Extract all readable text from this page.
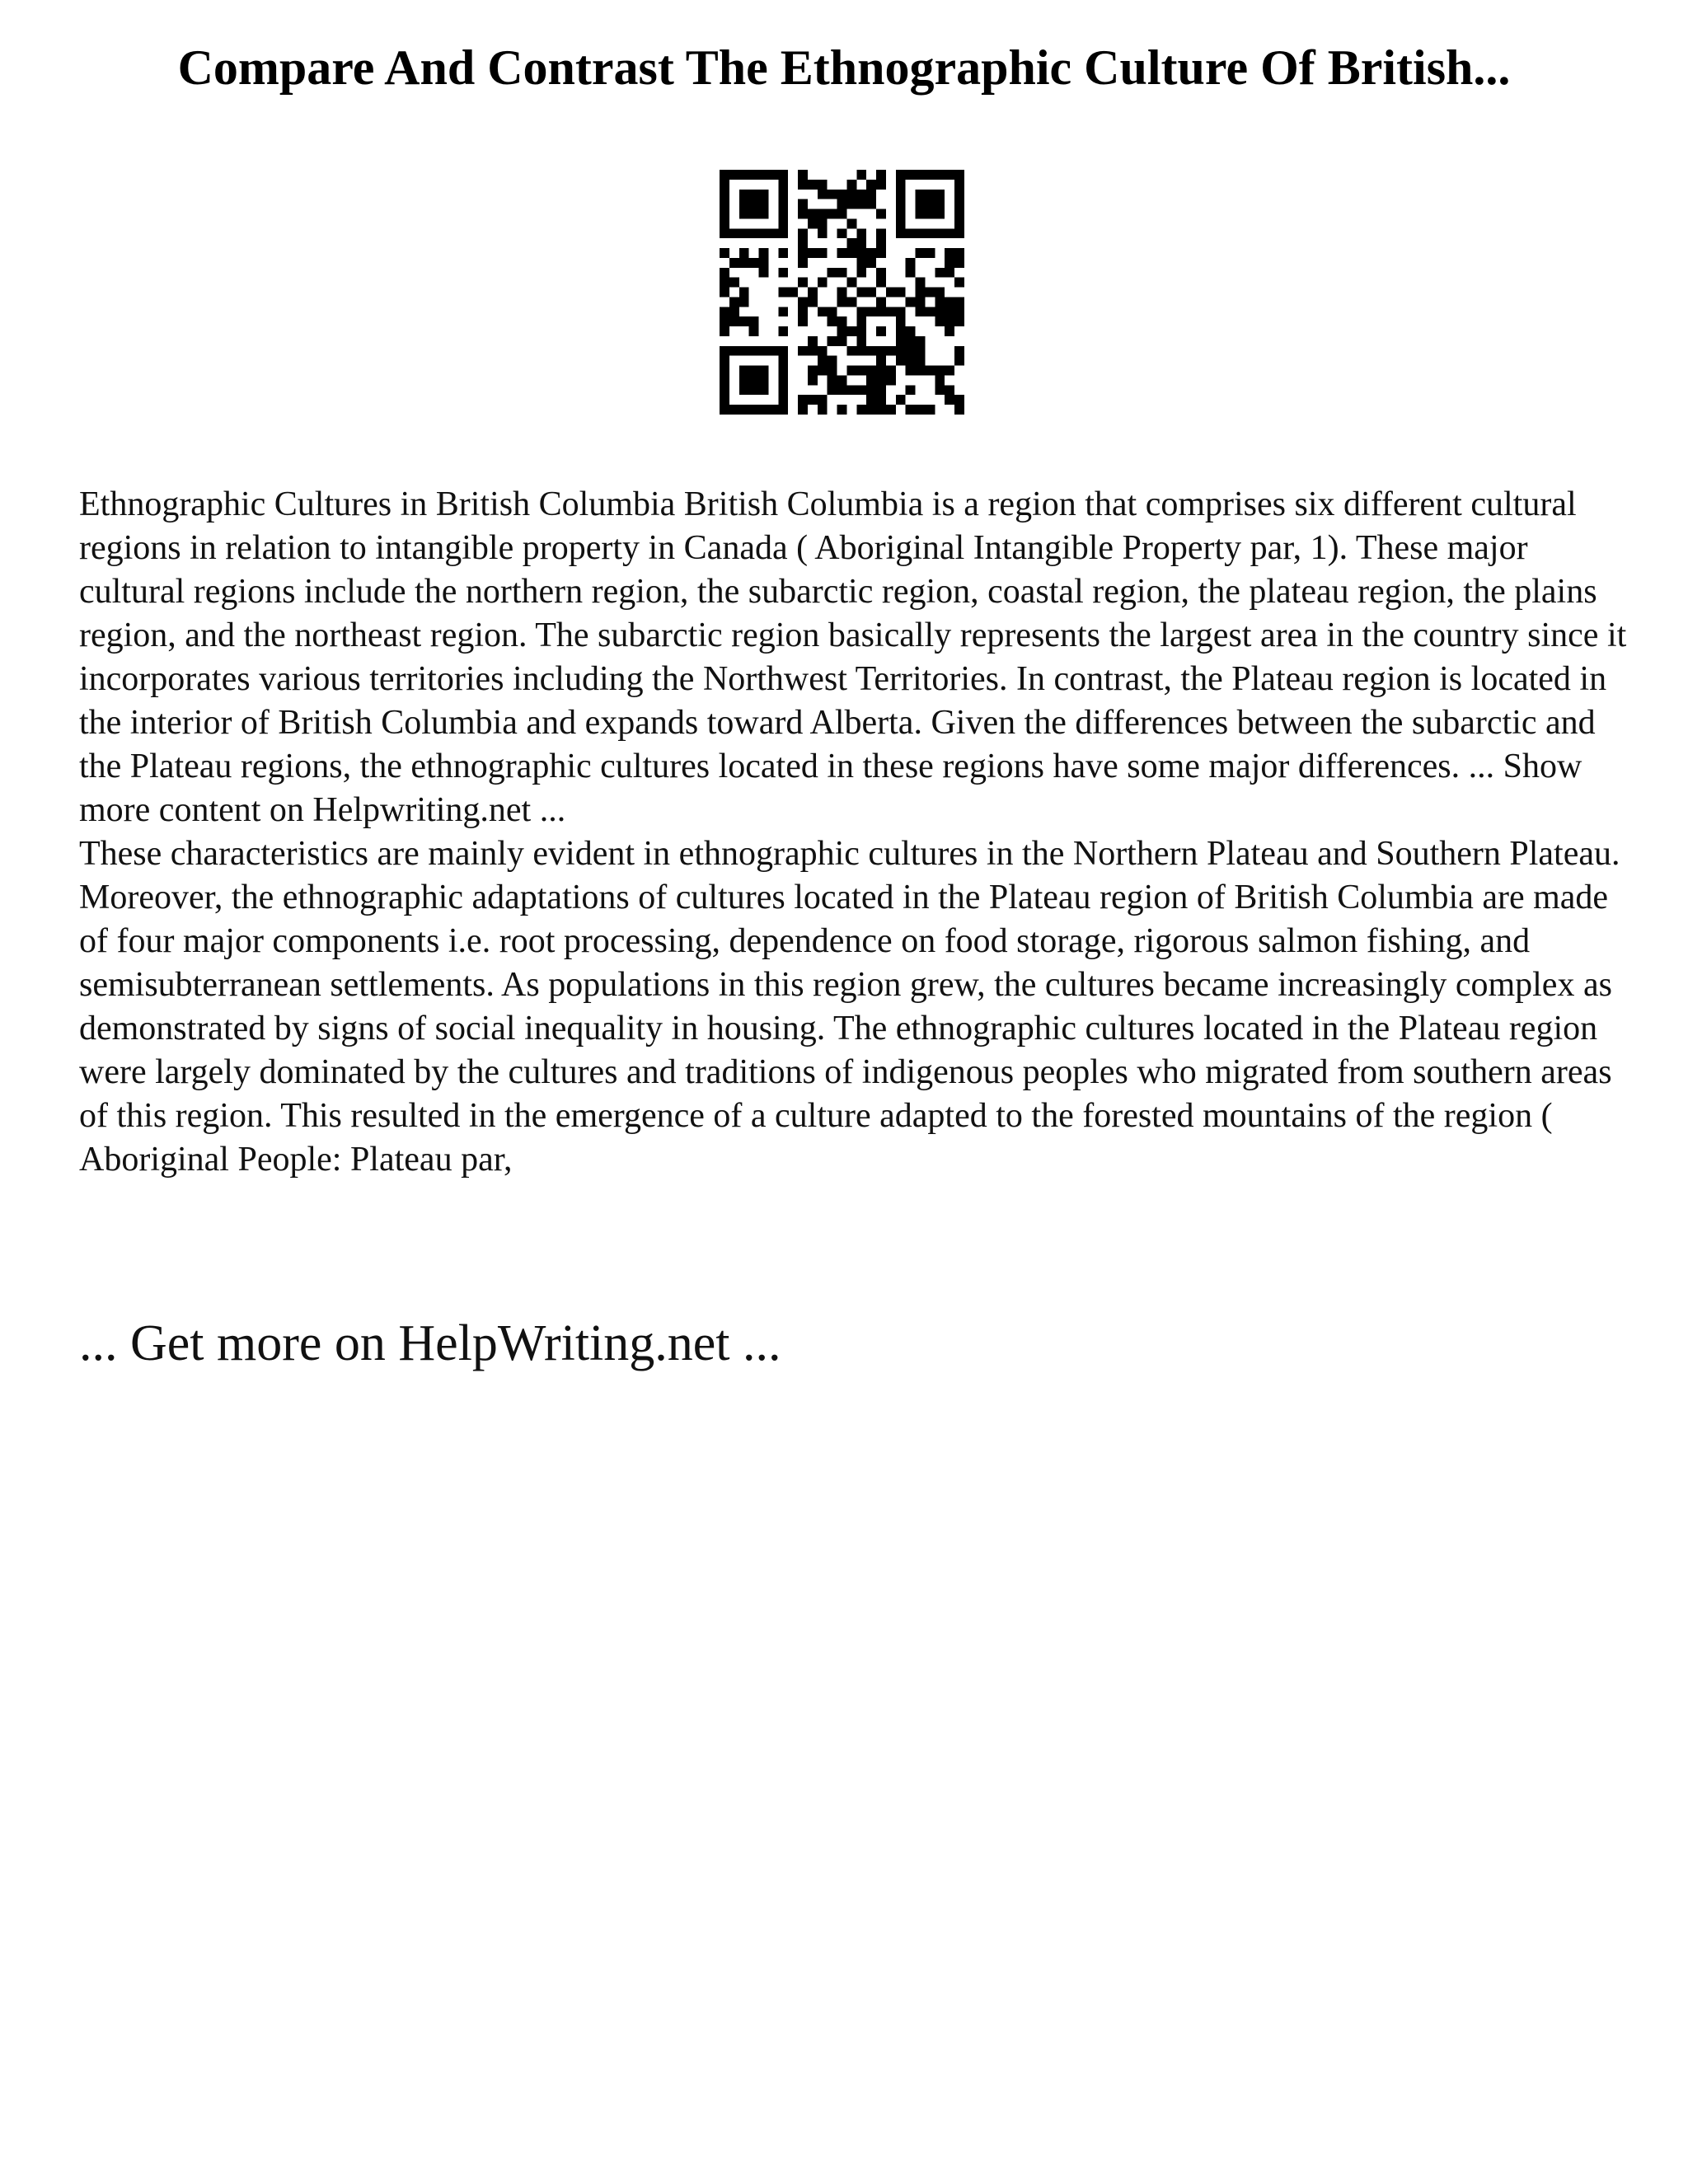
Compare And Contrast The Ethnographic Culture Of British...

Ethnographic Cultures in British Columbia British Columbia is a region that comprises six different cultural regions in relation to intangible property in Canada ( Aboriginal Intangible Property par, 1). These major cultural regions include the northern region, the subarctic region, coastal region, the plateau region, the plains region, and the northeast region. The subarctic region basically represents the largest area in the country since it incorporates various territories including the Northwest Territories. In contrast, the Plateau region is located in the interior of British Columbia and expands toward Alberta. Given the differences between the subarctic and the Plateau regions, the ethnographic cultures located in these regions have some major differences. ... Show more content on Helpwriting.net ...

These characteristics are mainly evident in ethnographic cultures in the Northern Plateau and Southern Plateau. Moreover, the ethnographic adaptations of cultures located in the Plateau region of British Columbia are made of four major components i.e. root processing, dependence on food storage, rigorous salmon fishing, and semisubterranean settlements. As populations in this region grew, the cultures became increasingly complex as demonstrated by signs of social inequality in housing. The ethnographic cultures located in the Plateau region were largely dominated by the cultures and traditions of indigenous peoples who migrated from southern areas of this region. This resulted in the emergence of a culture adapted to the forested mountains of the region ( Aboriginal People: Plateau par,

... Get more on HelpWriting.net ...
